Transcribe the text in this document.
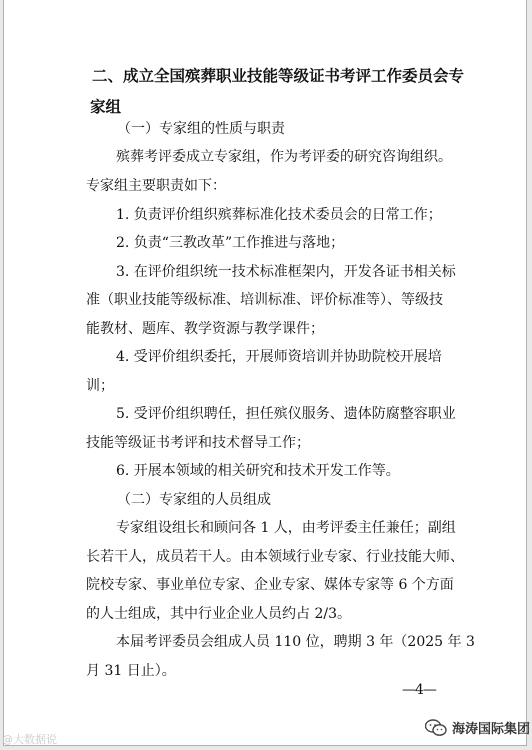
二、成立全国殡葬职业技能等级证书考评工作委员会专
家组

（一）专家组的性质与职责

殡葬考评委成立专家组，作为考评委的研究咨询组织。

专家组主要职责如下：

1. 负责评价组织殡葬标准化技术委员会的日常工作；

2. 负责“三教改革”工作推进与落地；

3. 在评价组织统一技术标准框架内，开发各证书相关标

准（职业技能等级标准、培训标准、评价标准等）、等级技

能教材、题库、教学资源与教学课件；

4. 受评价组织委托，开展师资培训并协助院校开展培

训；

5. 受评价组织聘任，担任殡仪服务、遗体防腐整容职业

技能等级证书考评和技术督导工作；

6. 开展本领域的相关研究和技术开发工作等。

（二）专家组的人员组成

专家组设组长和顾问各 1 人，由考评委主任兼任；副组

长若干人，成员若干人。由本领域行业专家、行业技能大师、

院校专家、事业单位专家、企业专家、媒体专家等 6 个方面

的人士组成，其中行业企业人员约占 2/3。

本届考评委员会组成人员 110 位，聘期 3 年（2025 年 3

月 31 日止）。

—4—
@大数据说
海涛国际集团
